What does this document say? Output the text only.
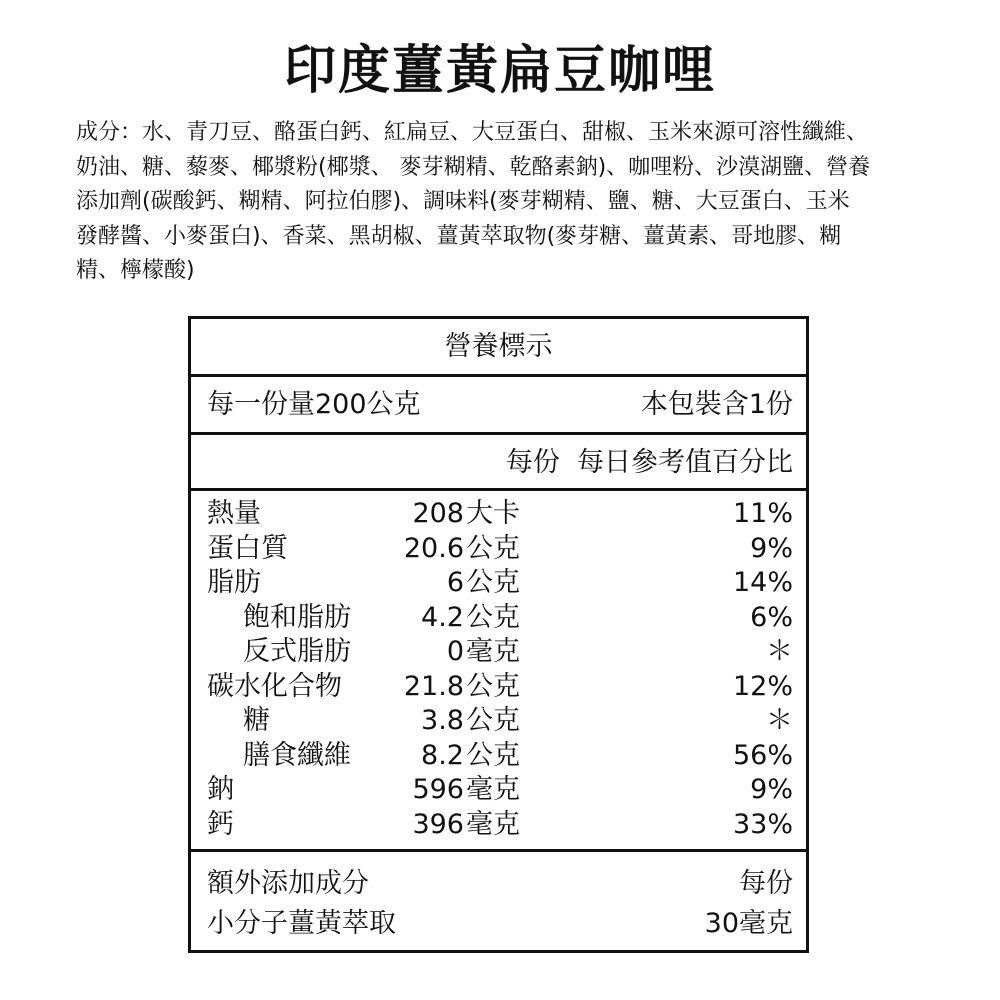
印度薑黃扁豆咖哩
成分：水、青刀豆、酪蛋白鈣、紅扁豆、大豆蛋白、甜椒、玉米來源可溶性纖維、
奶油、糖、藜麥、椰漿粉(椰漿、 麥芽糊精、乾酪素鈉)、咖哩粉、沙漠湖鹽、營養
添加劑(碳酸鈣、糊精、阿拉伯膠)、調味料(麥芽糊精、鹽、糖、大豆蛋白、玉米
發酵醬、小麥蛋白)、香菜、黑胡椒、薑黃萃取物(麥芽糖、薑黃素、哥地膠、糊
精、檸檬酸)
營養標示
每一份量200公克	本包裝含1份
每份  每日參考值百分比
熱量	208 大卡	11%
蛋白質	20.6 公克	9%
脂肪	6 公克	14%
飽和脂肪	4.2 公克	6%
反式脂肪	0 毫克	＊
碳水化合物 21.8 公克	12%
糖	3.8 公克	＊
膳食纖維	8.2 公克	56%
鈉	596 毫克	9%
鈣	396 毫克	33%
額外添加成分	每份
小分子薑黃萃取	30毫克
